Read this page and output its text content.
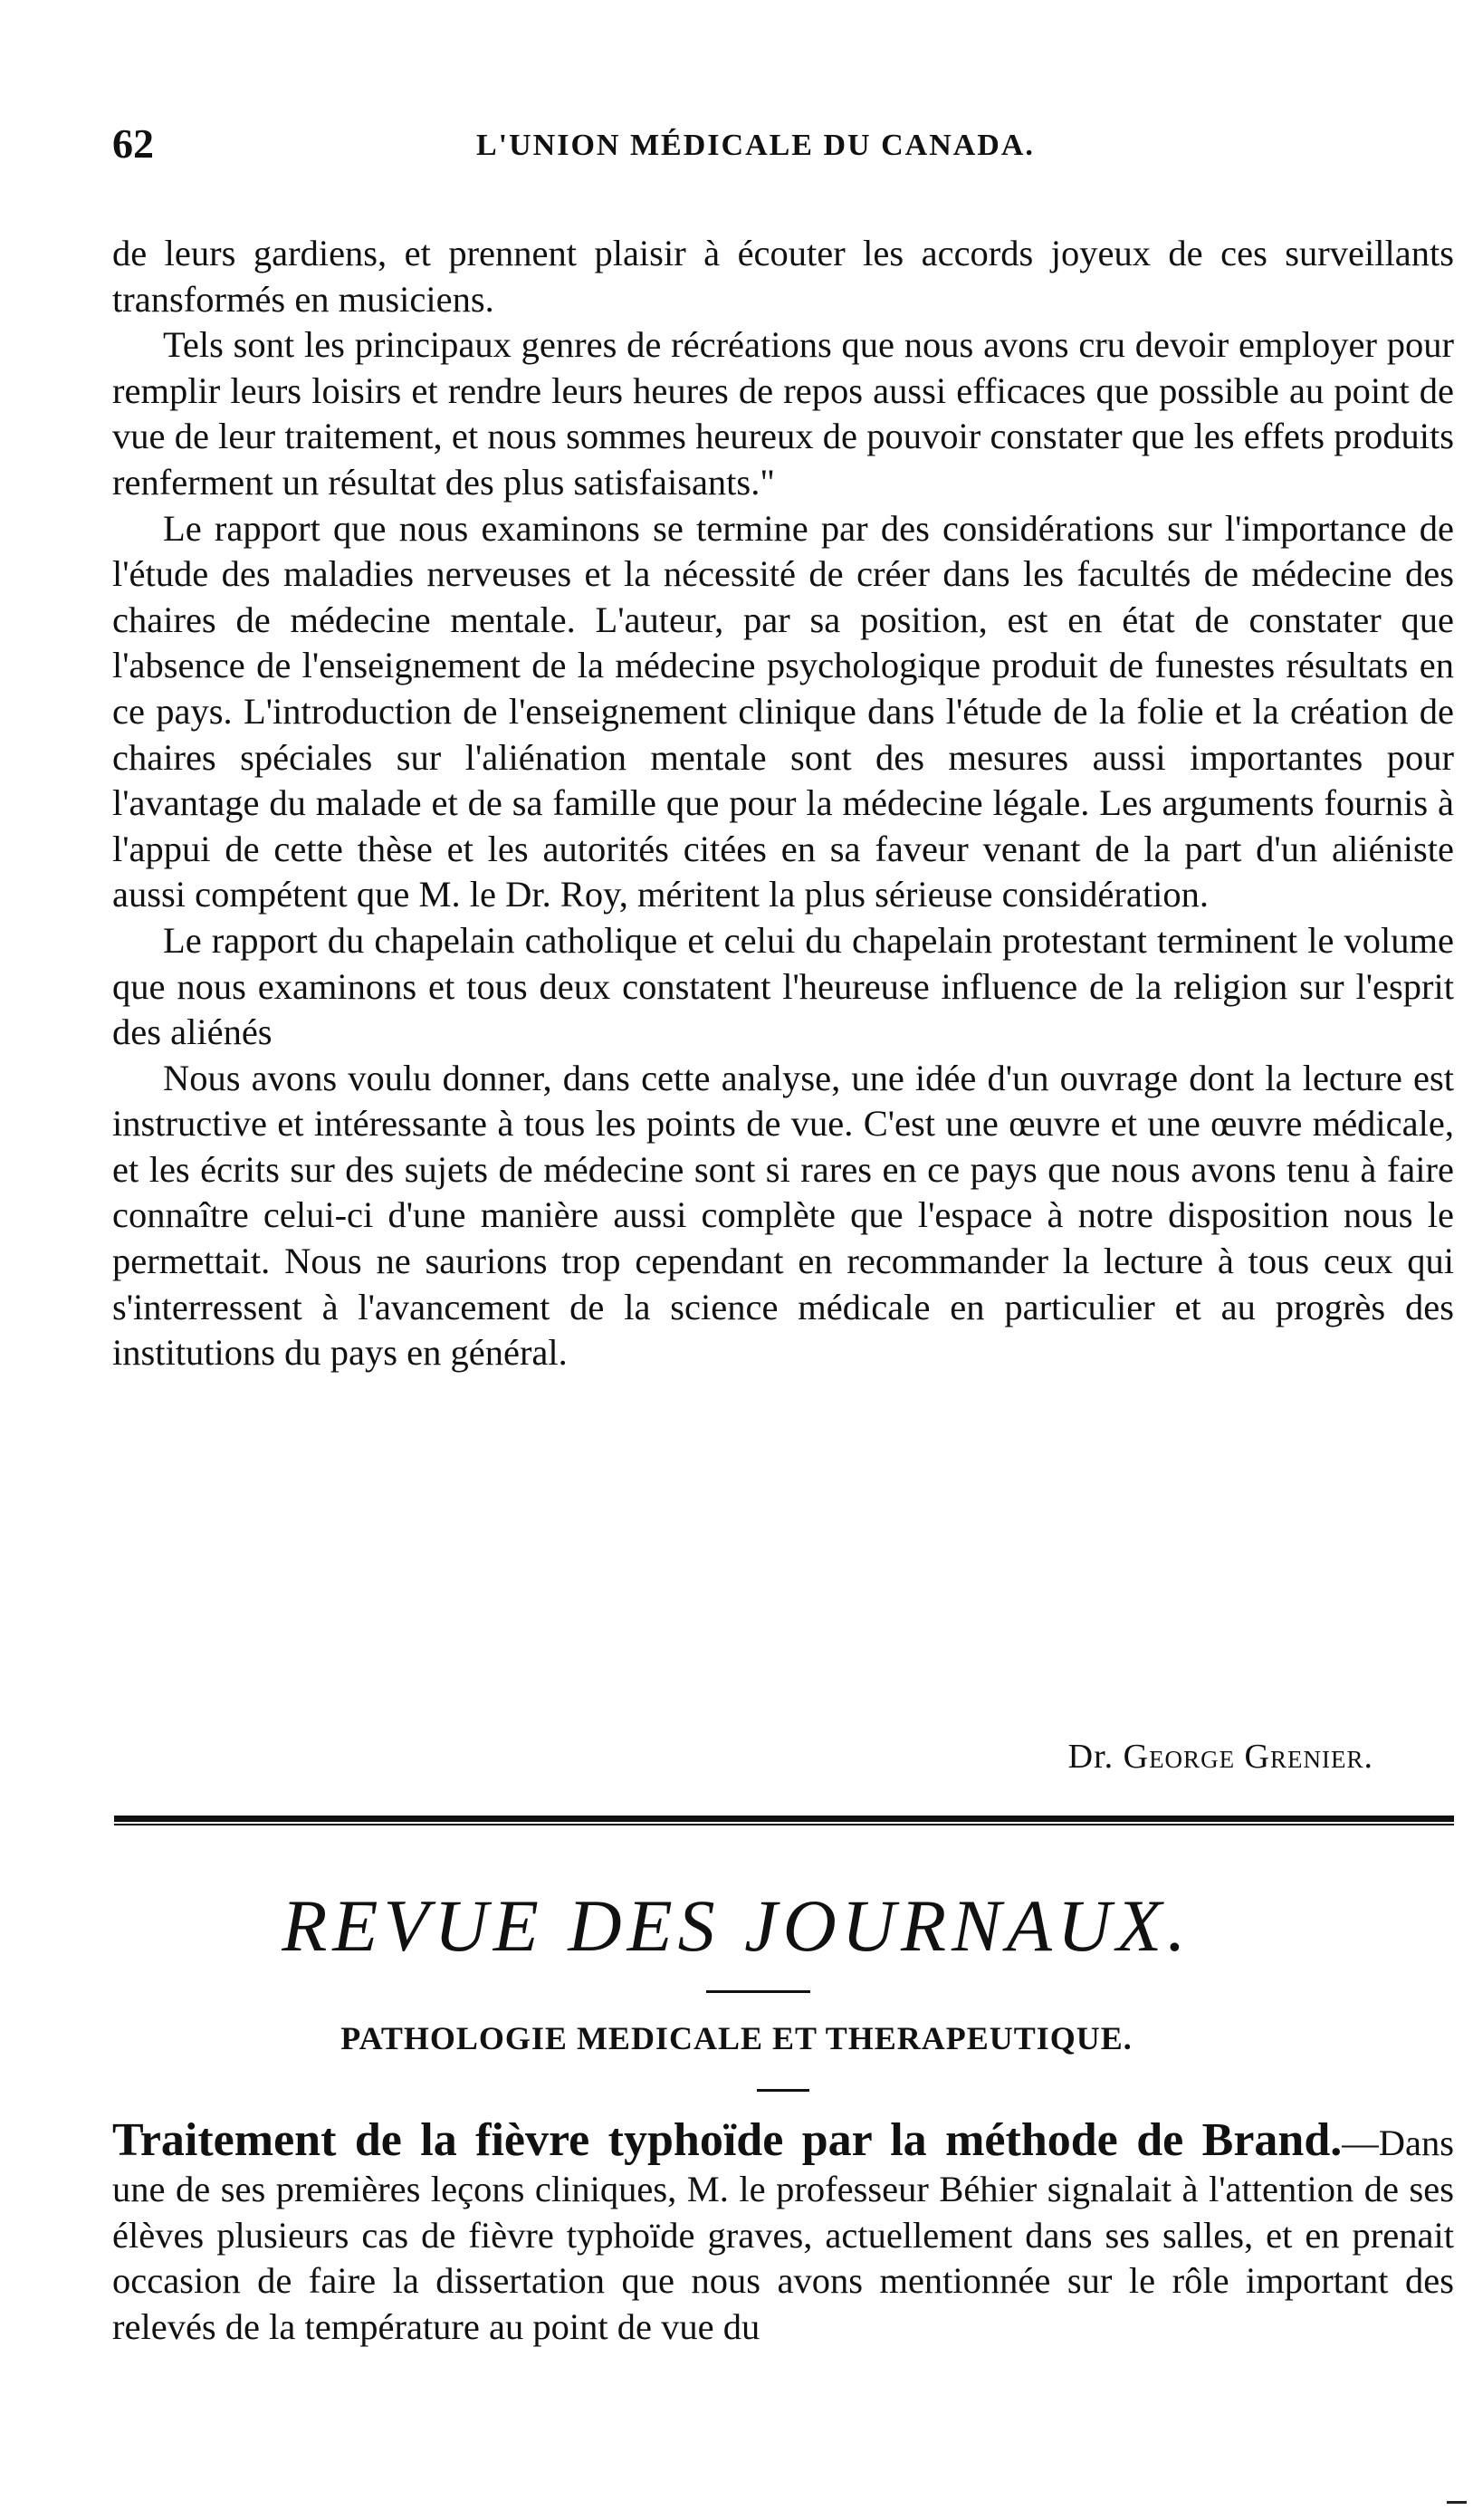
62	L'UNION MÉDICALE DU CANADA.

de leurs gardiens, et prennent plaisir à écouter les accords joyeux de ces surveillants transformés en musiciens.

Tels sont les principaux genres de récréations que nous avons cru devoir employer pour remplir leurs loisirs et rendre leurs heures de repos aussi efficaces que possible au point de vue de leur traitement, et nous sommes heureux de pouvoir constater que les effets produits renferment un résultat des plus satisfaisants."

Le rapport que nous examinons se termine par des considérations sur l'importance de l'étude des maladies nerveuses et la nécessité de créer dans les facultés de médecine des chaires de médecine mentale. L'auteur, par sa position, est en état de constater que l'absence de l'enseignement de la médecine psychologique produit de funestes résultats en ce pays. L'introduction de l'enseignement clinique dans l'étude de la folie et la création de chaires spéciales sur l'aliénation mentale sont des mesures aussi importantes pour l'avantage du malade et de sa famille que pour la médecine légale. Les arguments fournis à l'appui de cette thèse et les autorités citées en sa faveur venant de la part d'un aliéniste aussi compétent que M. le Dr. Roy, méritent la plus sérieuse considération.

Le rapport du chapelain catholique et celui du chapelain protestant terminent le volume que nous examinons et tous deux constatent l'heureuse influence de la religion sur l'esprit des aliénés

Nous avons voulu donner, dans cette analyse, une idée d'un ouvrage dont la lecture est instructive et intéressante à tous les points de vue. C'est une œuvre et une œuvre médicale, et les écrits sur des sujets de médecine sont si rares en ce pays que nous avons tenu à faire connaître celui-ci d'une manière aussi complète que l'espace à notre disposition nous le permettait. Nous ne saurions trop cependant en recommander la lecture à tous ceux qui s'interressent à l'avancement de la science médicale en particulier et au progrès des institutions du pays en général.

Dr. George Grenier.
REVUE DES JOURNAUX.
PATHOLOGIE MEDICALE ET THERAPEUTIQUE.

Traitement de la fièvre typhoïde par la méthode de Brand.—Dans une de ses premières leçons cliniques, M. le professeur Béhier signalait à l'attention de ses élèves plusieurs cas de fièvre typhoïde graves, actuellement dans ses salles, et en prenait occasion de faire la dissertation que nous avons mentionnée sur le rôle important des relevés de la température au point de vue du
